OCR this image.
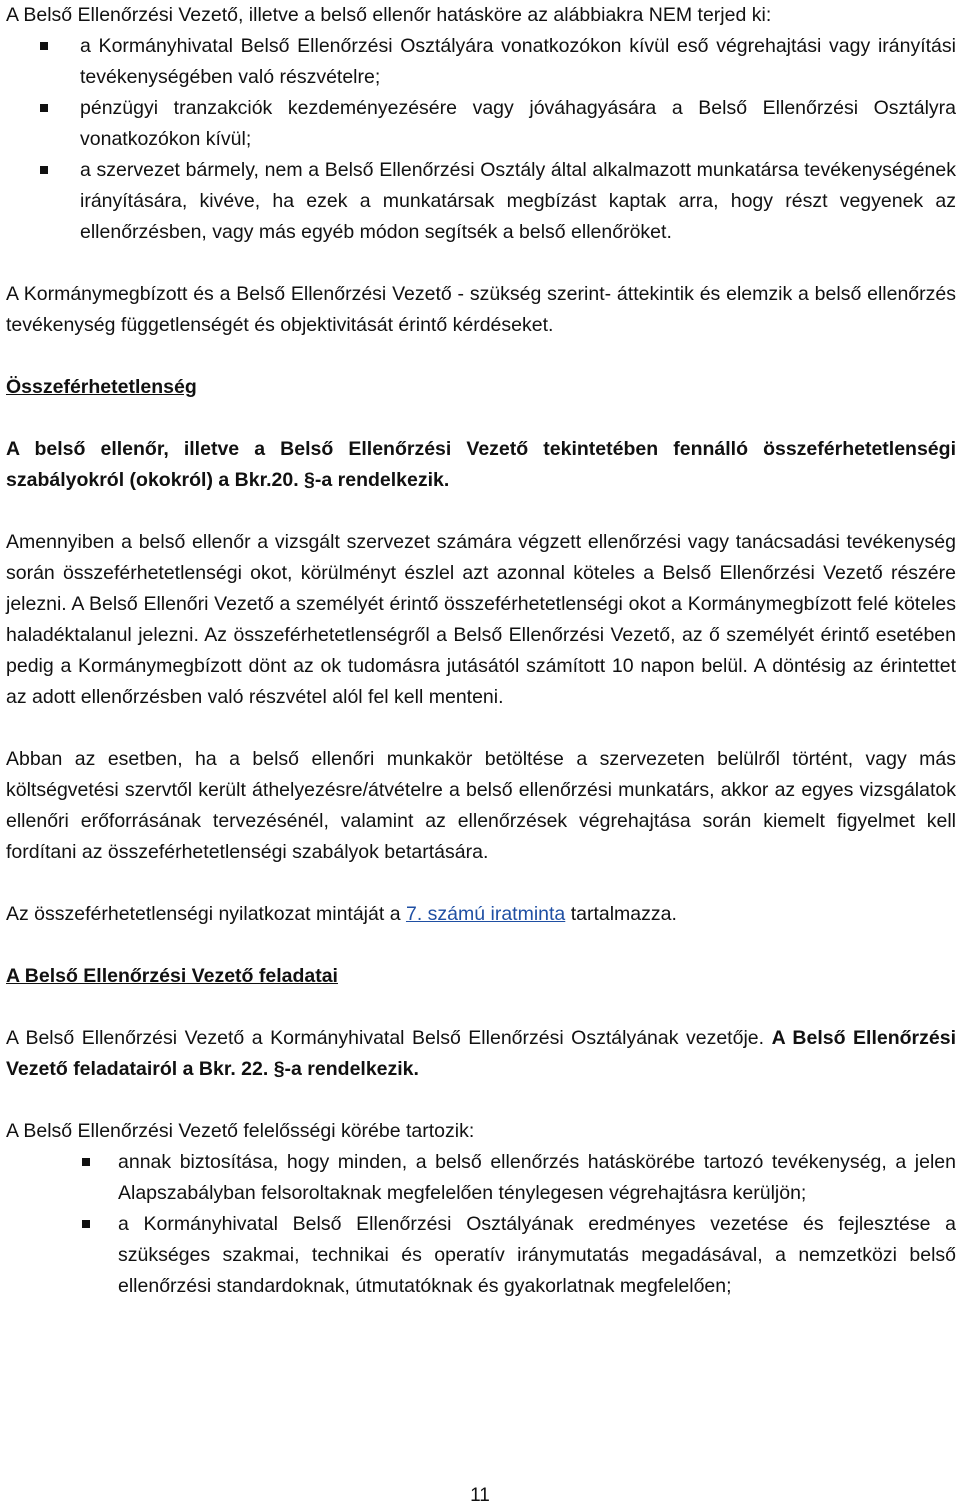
A Belső Ellenőrzési Vezető, illetve a belső ellenőr hatásköre az alábbiakra NEM terjed ki:

a Kormányhivatal Belső Ellenőrzési Osztályára vonatkozókon kívül eső végrehajtási vagy irányítási tevékenységében való részvételre;
pénzügyi tranzakciók kezdeményezésére vagy jóváhagyására a Belső Ellenőrzési Osztályra vonatkozókon kívül;
a szervezet bármely, nem a Belső Ellenőrzési Osztály által alkalmazott munkatársa tevékenységének irányítására, kivéve, ha ezek a munkatársak megbízást kaptak arra, hogy részt vegyenek az ellenőrzésben, vagy más egyéb módon segítsék a belső ellenőröket.

A Kormánymegbízott és a Belső Ellenőrzési Vezető - szükség szerint- áttekintik és elemzik a belső ellenőrzés tevékenység függetlenségét és objektivitását érintő kérdéseket.

Összeférhetetlenség

A belső ellenőr, illetve a Belső Ellenőrzési Vezető tekintetében fennálló összeférhetetlenségi szabályokról (okokról) a Bkr.20. §-a rendelkezik.

Amennyiben a belső ellenőr a vizsgált szervezet számára végzett ellenőrzési vagy tanácsadási tevékenység során összeférhetetlenségi okot, körülményt észlel azt azonnal köteles a Belső Ellenőrzési Vezető részére jelezni. A Belső Ellenőri Vezető a személyét érintő összeférhetetlenségi okot a Kormánymegbízott felé köteles haladéktalanul jelezni. Az összeférhetetlenségről a Belső Ellenőrzési Vezető, az ő személyét érintő esetében pedig a Kormánymegbízott dönt az ok tudomásra jutásától számított 10 napon belül. A döntésig az érintettet az adott ellenőrzésben való részvétel alól fel kell menteni.

Abban az esetben, ha a belső ellenőri munkakör betöltése a szervezeten belülről történt, vagy más költségvetési szervtől került áthelyezésre/átvételre a belső ellenőrzési munkatárs, akkor az egyes vizsgálatok ellenőri erőforrásának tervezésénél, valamint az ellenőrzések végrehajtása során kiemelt figyelmet kell fordítani az összeférhetetlenségi szabályok betartására.

Az összeférhetetlenségi nyilatkozat mintáját a 7. számú iratminta tartalmazza.

A Belső Ellenőrzési Vezető feladatai

A Belső Ellenőrzési Vezető a Kormányhivatal Belső Ellenőrzési Osztályának vezetője. A Belső Ellenőrzési Vezető feladatairól a Bkr. 22. §-a rendelkezik.

A Belső Ellenőrzési Vezető felelősségi körébe tartozik:

annak biztosítása, hogy minden, a belső ellenőrzés hatáskörébe tartozó tevékenység, a jelen Alapszabályban felsoroltaknak megfelelően ténylegesen végrehajtásra kerüljön;
a Kormányhivatal Belső Ellenőrzési Osztályának eredményes vezetése és fejlesztése a szükséges szakmai, technikai és operatív iránymutatás megadásával, a nemzetközi belső ellenőrzési standardoknak, útmutatóknak és gyakorlatnak megfelelően;
11
